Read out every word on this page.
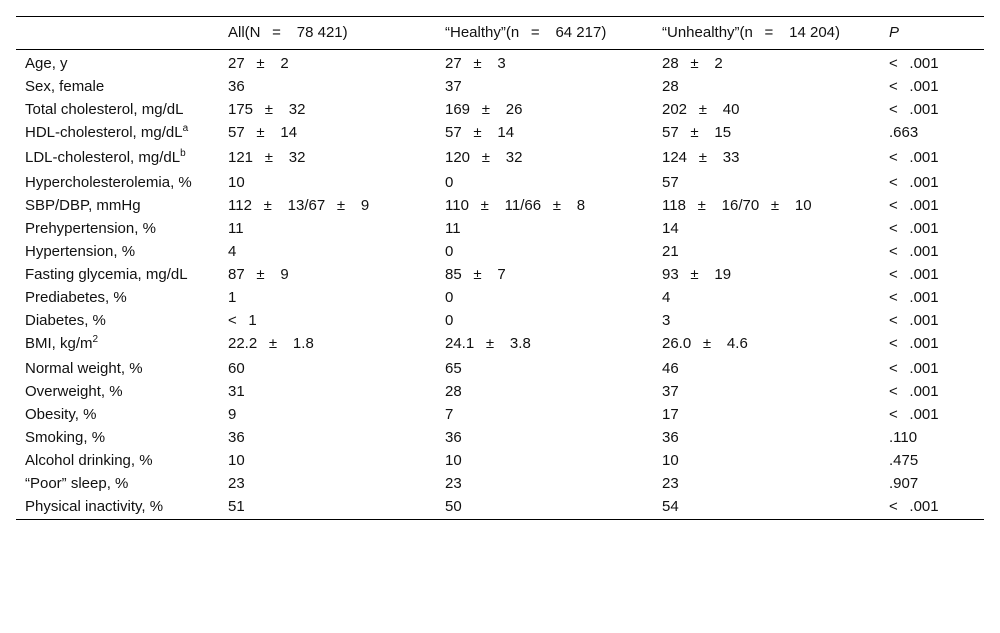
	All(N  =   78 421)	“Healthy”(n  =   64 217)	“Unhealthy”(n  =   14 204)	P
Age, y	27  ±   2	27  ±   3	28  ±   2	<  .001
Sex, female	36	37	28	<  .001
Total cholesterol, mg/dL	175  ±   32	169  ±   26	202  ±   40	<  .001
HDL-cholesterol, $mg/dL^a$	57  ±   14	57  ±   14	57  ±   15	.663
LDL-cholesterol, $mg/dL^b$	121  ±   32	120  ±   32	124  ±   33	<  .001
Hypercholesterolemia, %	10	0	57	<  .001
SBP/DBP, mmHg	112  ±   13/67  ±   9	110  ±   11/66  ±   8	118  ±   16/70  ±   10	<  .001
Prehypertension, %	11	11	14	<  .001
Hypertension, %	4	0	21	<  .001
Fasting glycemia, mg/dL	87  ±   9	85  ±   7	93  ±   19	<  .001
Prediabetes, %	1	0	4	<  .001
Diabetes, %	<  1	0	3	<  .001
BMI, $kg/m^2$	22.2  ±   1.8	24.1  ±   3.8	26.0  ±   4.6	<  .001
Normal weight, %	60	65	46	<  .001
Overweight, %	31	28	37	<  .001
Obesity, %	9	7	17	<  .001
Smoking, %	36	36	36	.110
Alcohol drinking, %	10	10	10	.475
“Poor” sleep, %	23	23	23	.907
Physical inactivity, %	51	50	54	<  .001
